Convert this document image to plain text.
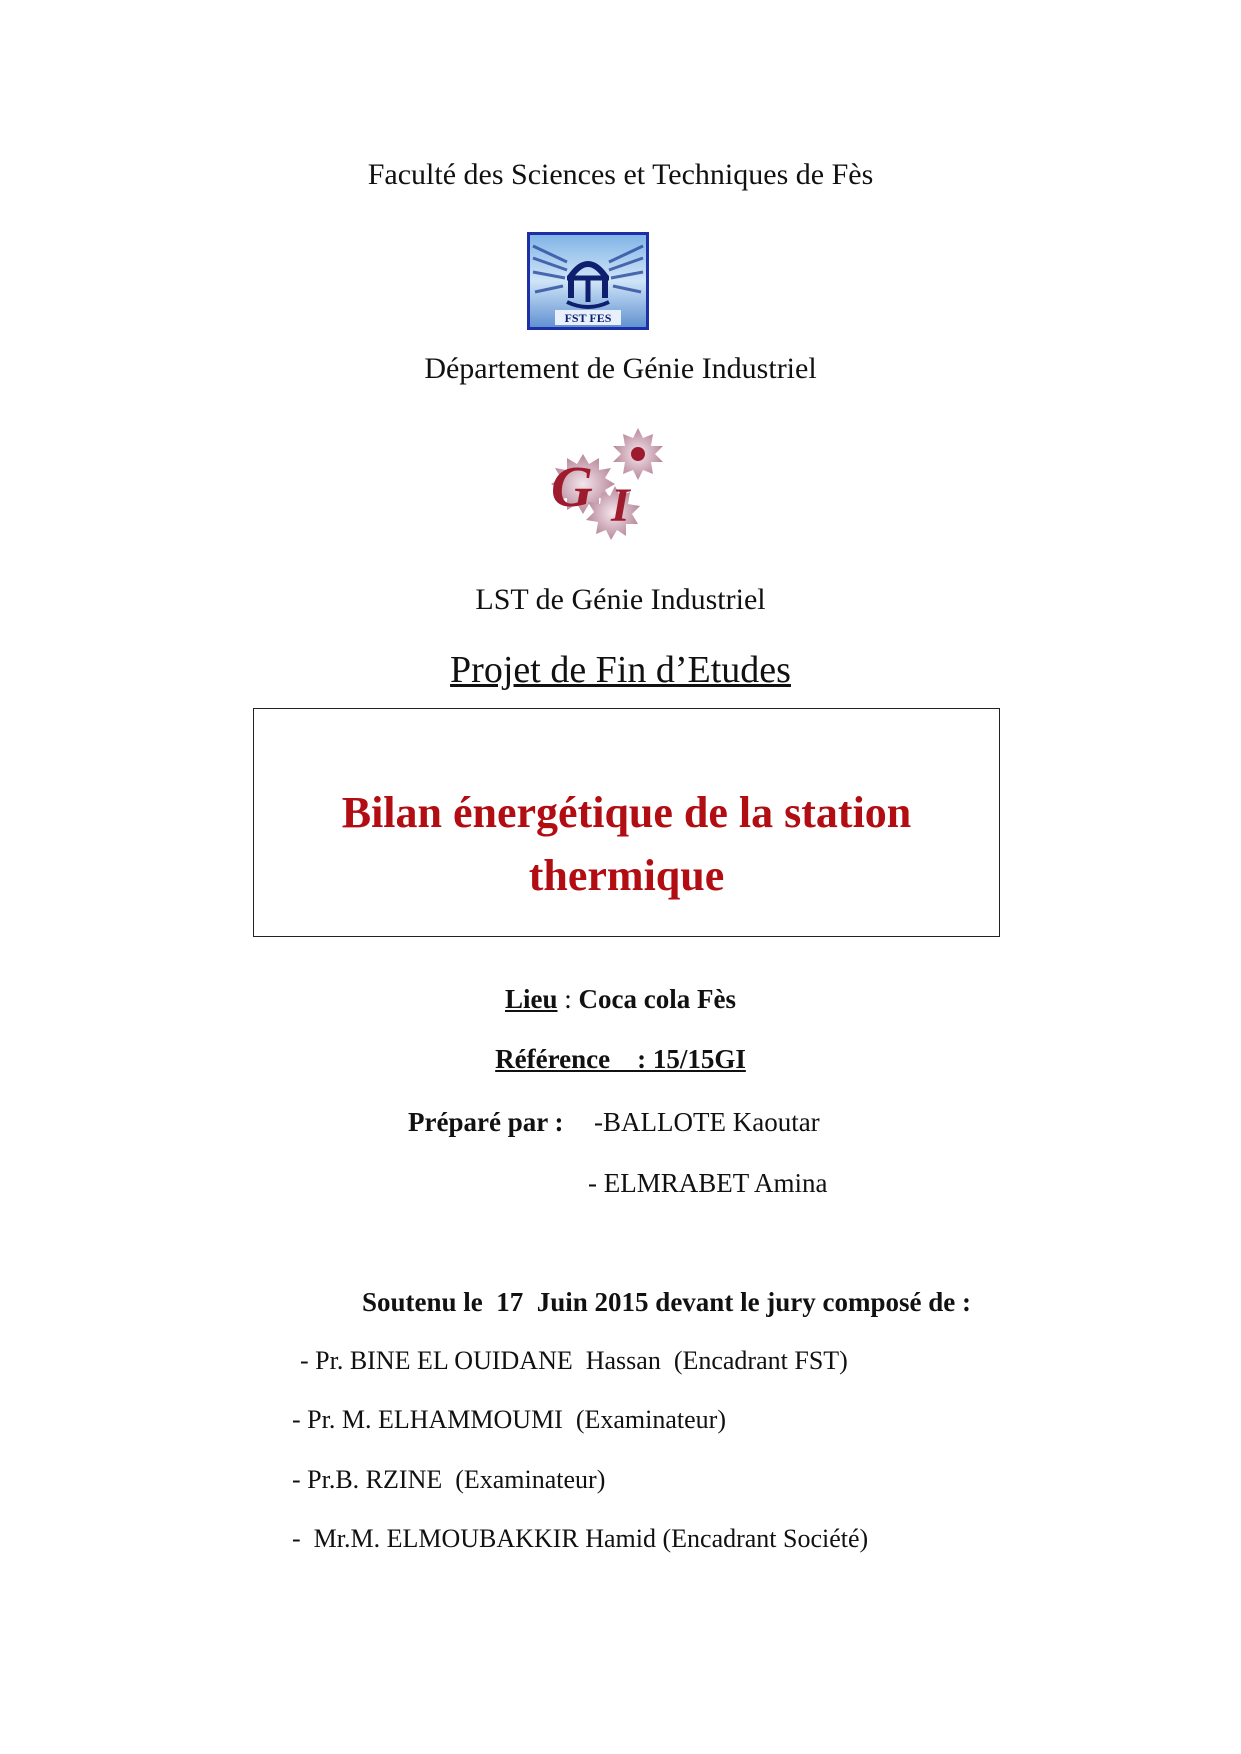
Faculté des Sciences et Techniques de Fès
FST FES
Département de Génie Industriel
G I
LST de Génie Industriel
Projet de Fin d’Etudes
Bilan énergétique de la station
thermique
Lieu : Coca cola Fès
Référence    : 15/15GI
Préparé par : -BALLOTE Kaoutar
- ELMRABET Amina
Soutenu le  17  Juin 2015 devant le jury composé de :
- Pr. BINE EL OUIDANE  Hassan  (Encadrant FST)
- Pr. M. ELHAMMOUMI  (Examinateur)
- Pr.B. RZINE  (Examinateur)
-  Mr.M. ELMOUBAKKIR Hamid (Encadrant Société)
